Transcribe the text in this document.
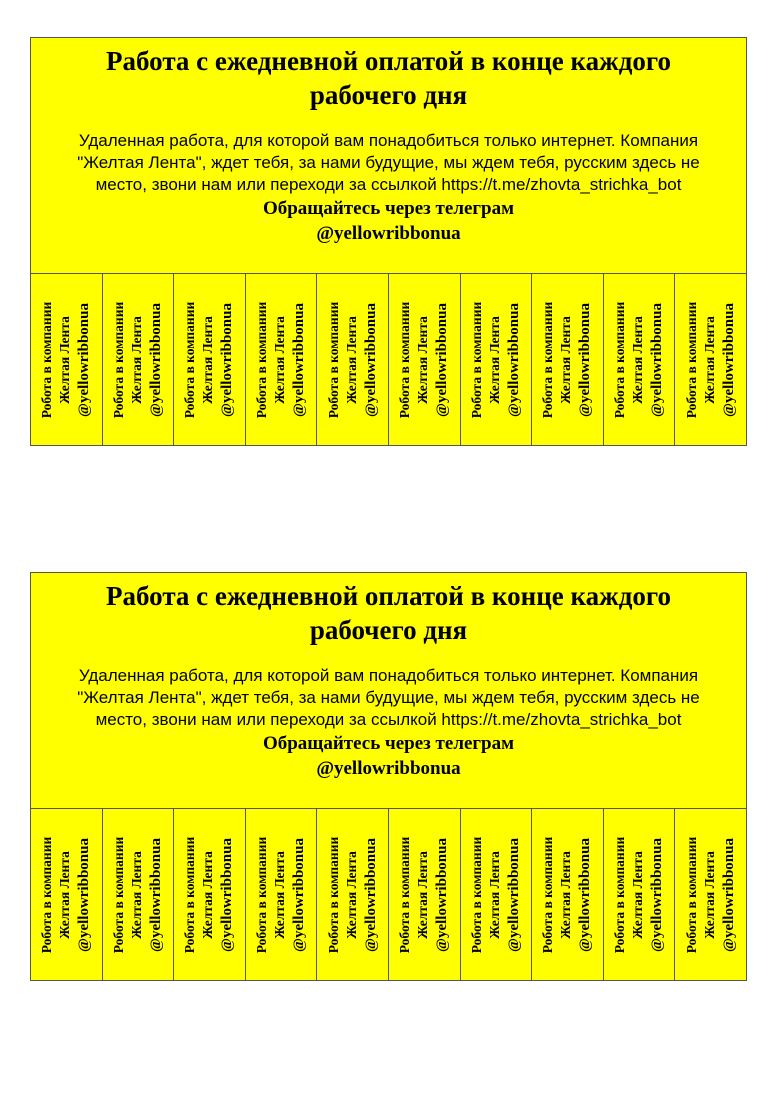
Работа с ежедневной оплатой в конце каждого рабочего дня
Удаленная работа, для которой вам понадобиться только интернет. Компания "Желтая Лента", ждет тебя, за нами будущие, мы ждем тебя, русским здесь не место, звони нам или переходи за ссылкой https://t.me/zhovta_strichka_bot
Обращайтесь через телеграм
@yellowribbonua
Робота в компании Желтая Лента @yellowribbonua Робота в компании Желтая Лента @yellowribbonua Робота в компании Желтая Лента @yellowribbonua Робота в компании Желтая Лента @yellowribbonua Робота в компании Желтая Лента @yellowribbonua Робота в компании Желтая Лента @yellowribbonua Робота в компании Желтая Лента @yellowribbonua Робота в компании Желтая Лента @yellowribbonua Робота в компании Желтая Лента @yellowribbonua Робота в компании Желтая Лента @yellowribbonua
Работа с ежедневной оплатой в конце каждого рабочего дня
Удаленная работа, для которой вам понадобиться только интернет. Компания "Желтая Лента", ждет тебя, за нами будущие, мы ждем тебя, русским здесь не место, звони нам или переходи за ссылкой https://t.me/zhovta_strichka_bot
Обращайтесь через телеграм
@yellowribbonua
Робота в компании Желтая Лента @yellowribbonua Робота в компании Желтая Лента @yellowribbonua Робота в компании Желтая Лента @yellowribbonua Робота в компании Желтая Лента @yellowribbonua Робота в компании Желтая Лента @yellowribbonua Робота в компании Желтая Лента @yellowribbonua Робота в компании Желтая Лента @yellowribbonua Робота в компании Желтая Лента @yellowribbonua Робота в компании Желтая Лента @yellowribbonua Робота в компании Желтая Лента @yellowribbonua
